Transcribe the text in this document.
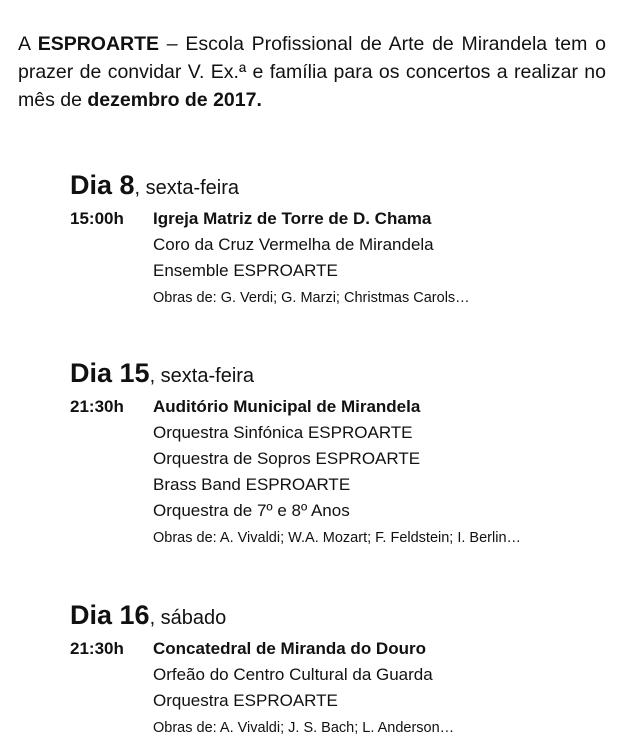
A ESPROARTE – Escola Profissional de Arte de Mirandela tem o prazer de convidar V. Ex.ª e família para os concertos a realizar no mês de dezembro de 2017.
Dia 8, sexta-feira
15:00h	Igreja Matriz de Torre de D. Chama
Coro da Cruz Vermelha de Mirandela
Ensemble ESPROARTE
Obras de: G. Verdi; G. Marzi; Christmas Carols…
Dia 15, sexta-feira
21:30h	Auditório Municipal de Mirandela
Orquestra Sinfónica ESPROARTE
Orquestra de Sopros ESPROARTE
Brass Band ESPROARTE
Orquestra de 7º e 8º Anos
Obras de: A. Vivaldi; W.A. Mozart; F. Feldstein; I. Berlin…
Dia 16, sábado
21:30h	Concatedral de Miranda do Douro
Orfeão do Centro Cultural da Guarda
Orquestra ESPROARTE
Obras de: A. Vivaldi; J. S. Bach; L. Anderson…
